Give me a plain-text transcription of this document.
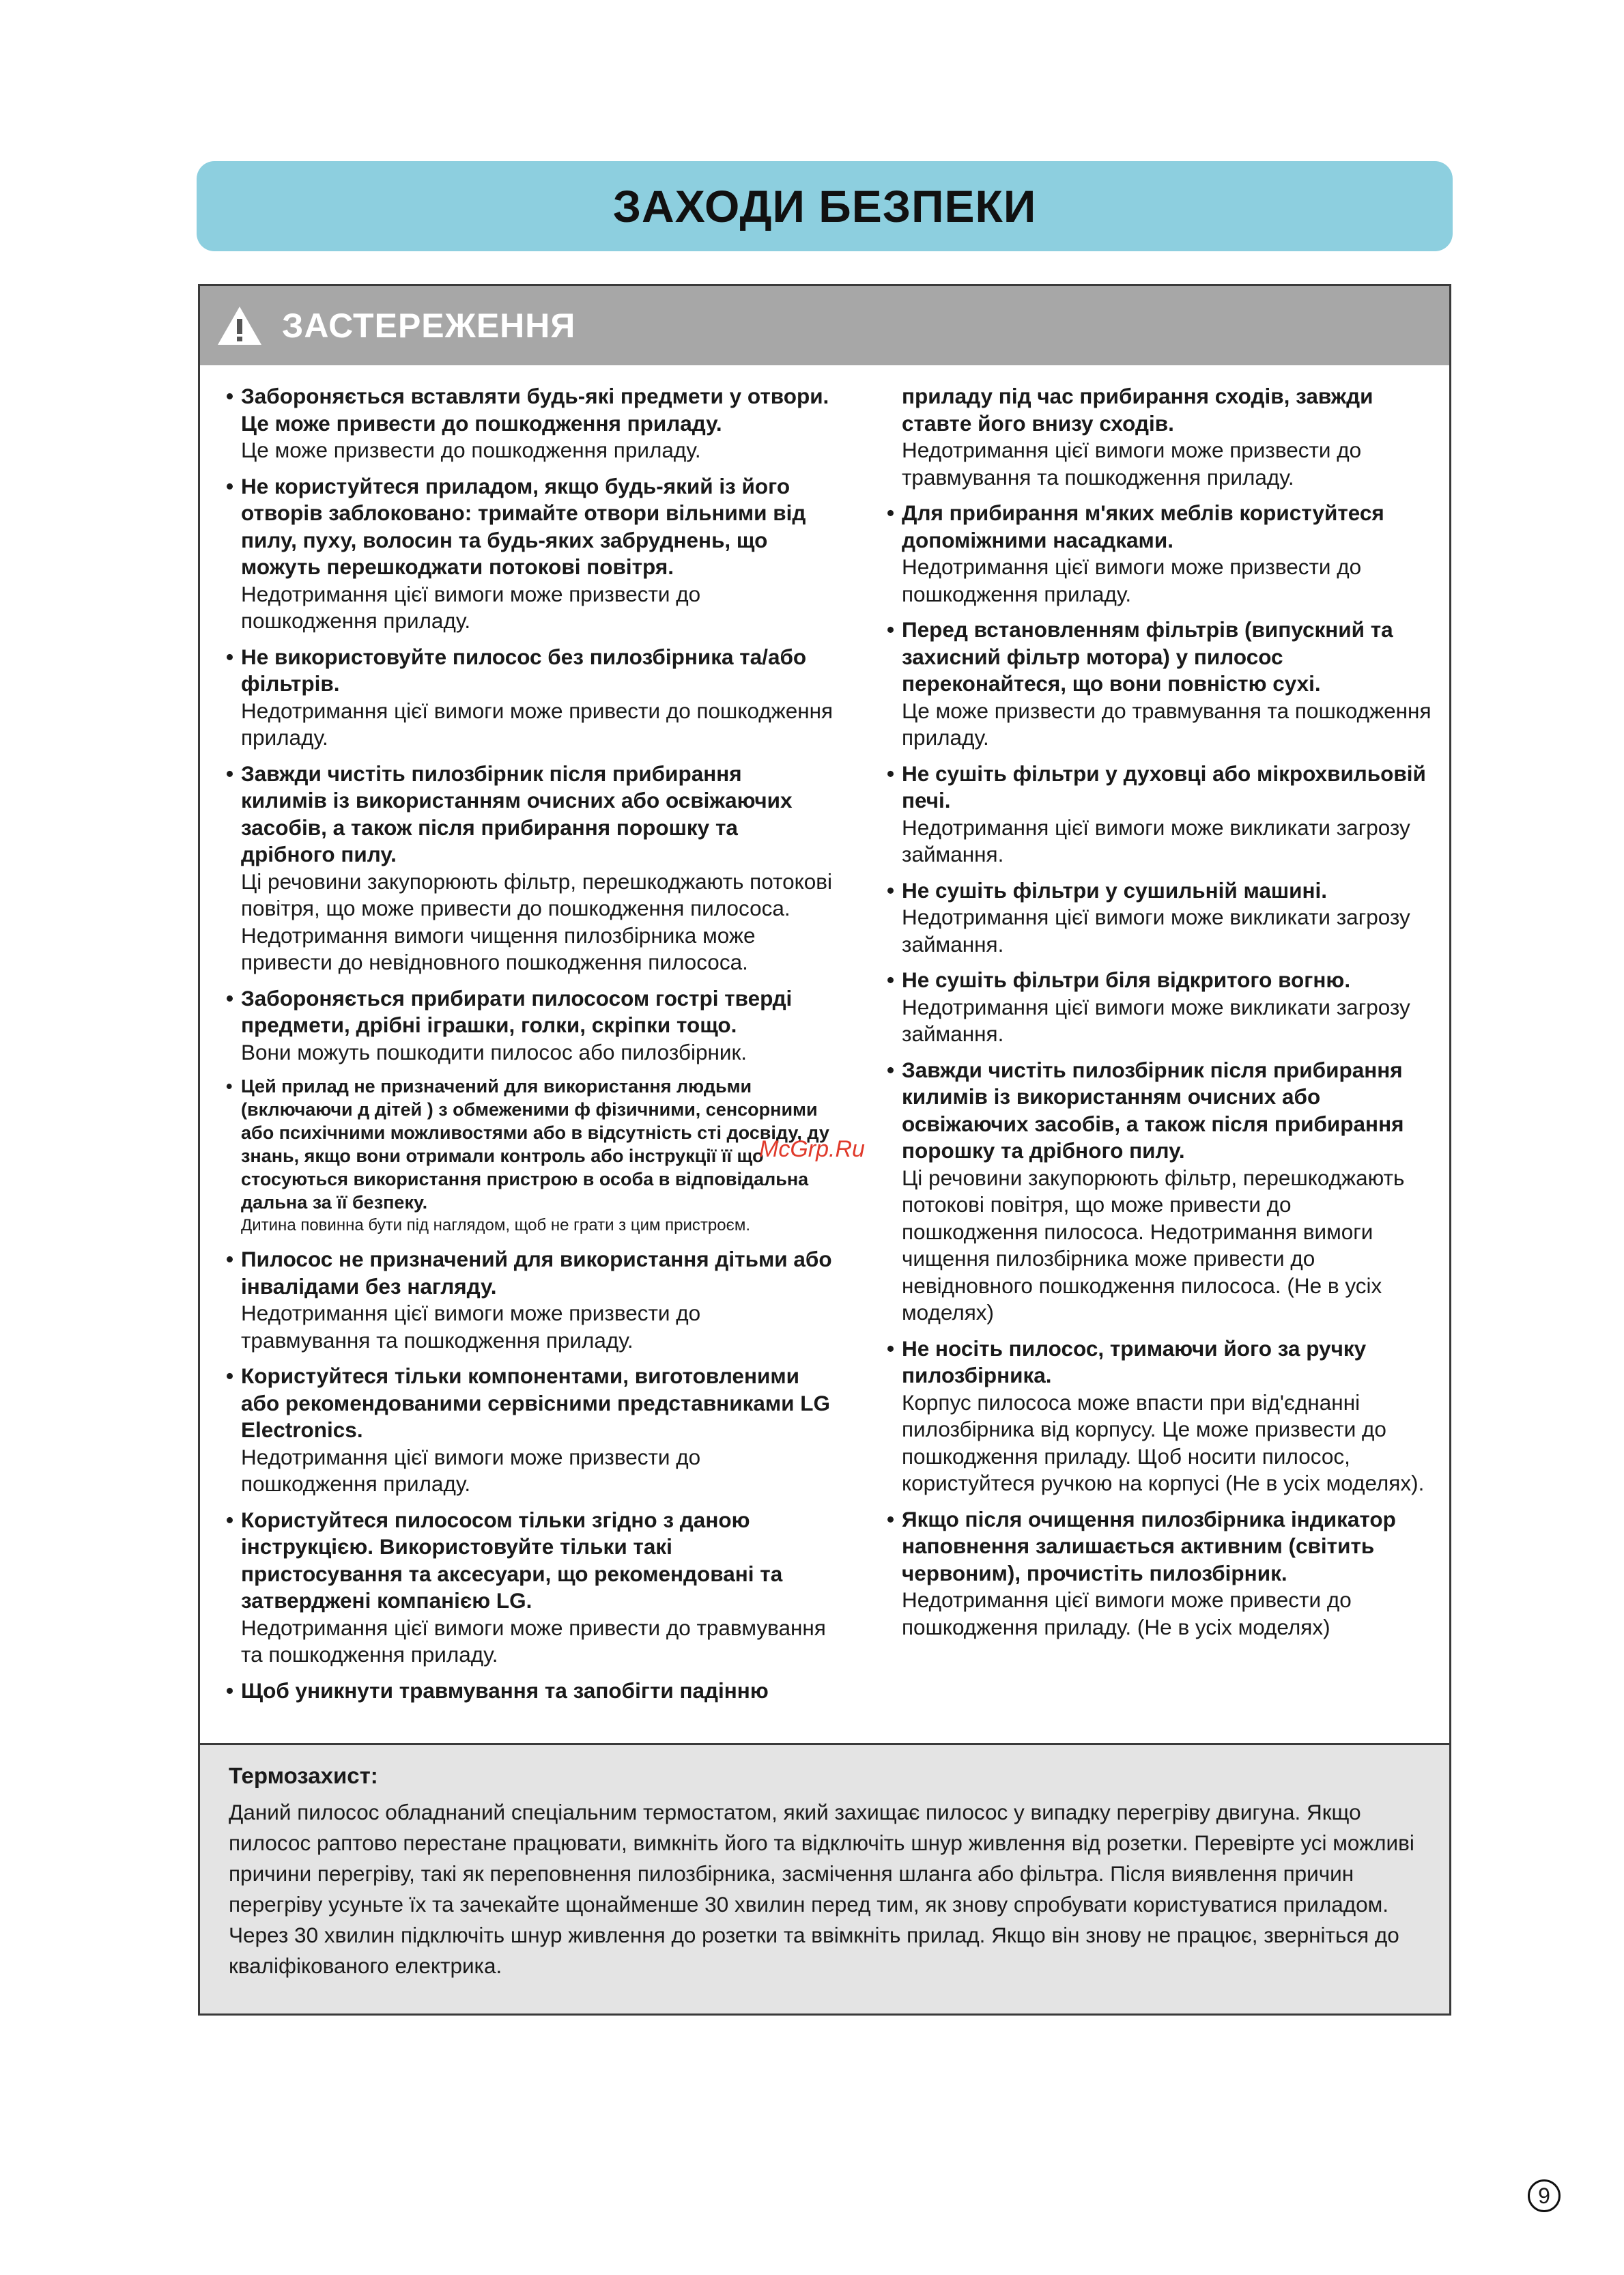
ЗАХОДИ БЕЗПЕКИ
ЗАСТЕРЕЖЕННЯ
• Забороняється вставляти будь-які предмети у отвори. Це може привести до пошкодження приладу.
Це може призвести до пошкодження приладу.
• Не користуйтеся приладом, якщо будь-який із його отворів заблоковано: тримайте отвори вільними від пилу, пуху, волосин та будь-яких забруднень, що можуть перешкоджати потокові повітря.
Недотримання цієї вимоги може призвести до пошкодження приладу.
• Не використовуйте пилосос без пилозбірника та/або фільтрів.
Недотримання цієї вимоги може привести до пошкодження приладу.
• Завжди чистіть пилозбірник після прибирання килимів із використанням очисних або освіжаючих засобів, а також після прибирання порошку та дрібного пилу.
Ці речовини закупорюють фільтр, перешкоджають потокові повітря, що може привести до пошкодження пилососа. Недотримання вимоги чищення пилозбірника може привести до невідновного пошкодження пилососа.
• Забороняється прибирати пилососом гострі тверді предмети, дрібні іграшки, голки, скріпки тощо.
Вони можуть пошкодити пилосос або пилозбірник.
• Цей прилад не призначений для використання людьми (включаючи д дітей ) з обмеженими ф фізичними, сенсорними або психічними можливостями або в відсутність сті досвіду, ду знань, якщо вони отримали контроль або інструкції її що стосуються використання пристрою в особа в відповідальна дальна за її безпеку.
Дитина повинна бути під наглядом, щоб не грати з цим пристроєм.
• Пилосос не призначений для використання дітьми або інвалідами без нагляду.
Недотримання цієї вимоги може призвести до травмування та пошкодження приладу.
• Користуйтеся тільки компонентами, виготовленими або рекомендованими сервісними представниками LG Electronics.
Недотримання цієї вимоги може призвести до пошкодження приладу.
• Користуйтеся пилососом тільки згідно з даною інструкцією. Використовуйте тільки такі пристосування та аксесуари, що рекомендовані та затверджені компанією LG.
Недотримання цієї вимоги може привести до травмування та пошкодження приладу.
• Щоб уникнути травмування та запобігти падінню
приладу під час прибирання сходів, завжди ставте його внизу сходів.
Недотримання цієї вимоги може призвести до травмування та пошкодження приладу.
• Для прибирання м'яких меблів користуйтеся допоміжними насадками.
Недотримання цієї вимоги може призвести до пошкодження приладу.
• Перед встановленням фільтрів (випускний та захисний фільтр мотора) у пилосос переконайтеся, що вони повністю сухі.
Це може призвести до травмування та пошкодження приладу.
• Не сушіть фільтри у духовці або мікрохвильовій печі.
Недотримання цієї вимоги може викликати загрозу займання.
• Не сушіть фільтри у сушильній машині.
Недотримання цієї вимоги може викликати загрозу займання.
• Не сушіть фільтри біля відкритого вогню.
Недотримання цієї вимоги може викликати загрозу займання.
• Завжди чистіть пилозбірник після прибирання килимів із використанням очисних або освіжаючих засобів, а також після прибирання порошку та дрібного пилу.
Ці речовини закупорюють фільтр, перешкоджають потокові повітря, що може привести до пошкодження пилососа. Недотримання вимоги чищення пилозбірника може привести до невідновного пошкодження пилососа. (Не в усіх моделях)
• Не носіть пилосос, тримаючи його за ручку пилозбірника.
Корпус пилососа може впасти при від'єднанні пилозбірника від корпусу. Це може призвести до пошкодження приладу. Щоб носити пилосос, користуйтеся ручкою на корпусі (Не в усіх моделях).
• Якщо після очищення пилозбірника індикатор наповнення залишається активним (світить червоним), прочистіть пилозбірник.
Недотримання цієї вимоги може привести до пошкодження приладу. (Не в усіх моделях)
Термозахист:

Даний пилосос обладнаний спеціальним термостатом, який захищає пилосос у випадку перегріву двигуна. Якщо пилосос раптово перестане працювати, вимкніть його та відключіть шнур живлення від розетки. Перевірте усі можливі причини перегріву, такі як переповнення пилозбірника, засмічення шланга або фільтра. Після виявлення причин перегріву усуньте їх та зачекайте щонайменше 30 хвилин перед тим, як знову спробувати користуватися приладом. Через 30 хвилин підключіть шнур живлення до розетки та ввімкніть прилад. Якщо він знову не працює, зверніться до кваліфікованого електрика.

McGrp.Ru
9
